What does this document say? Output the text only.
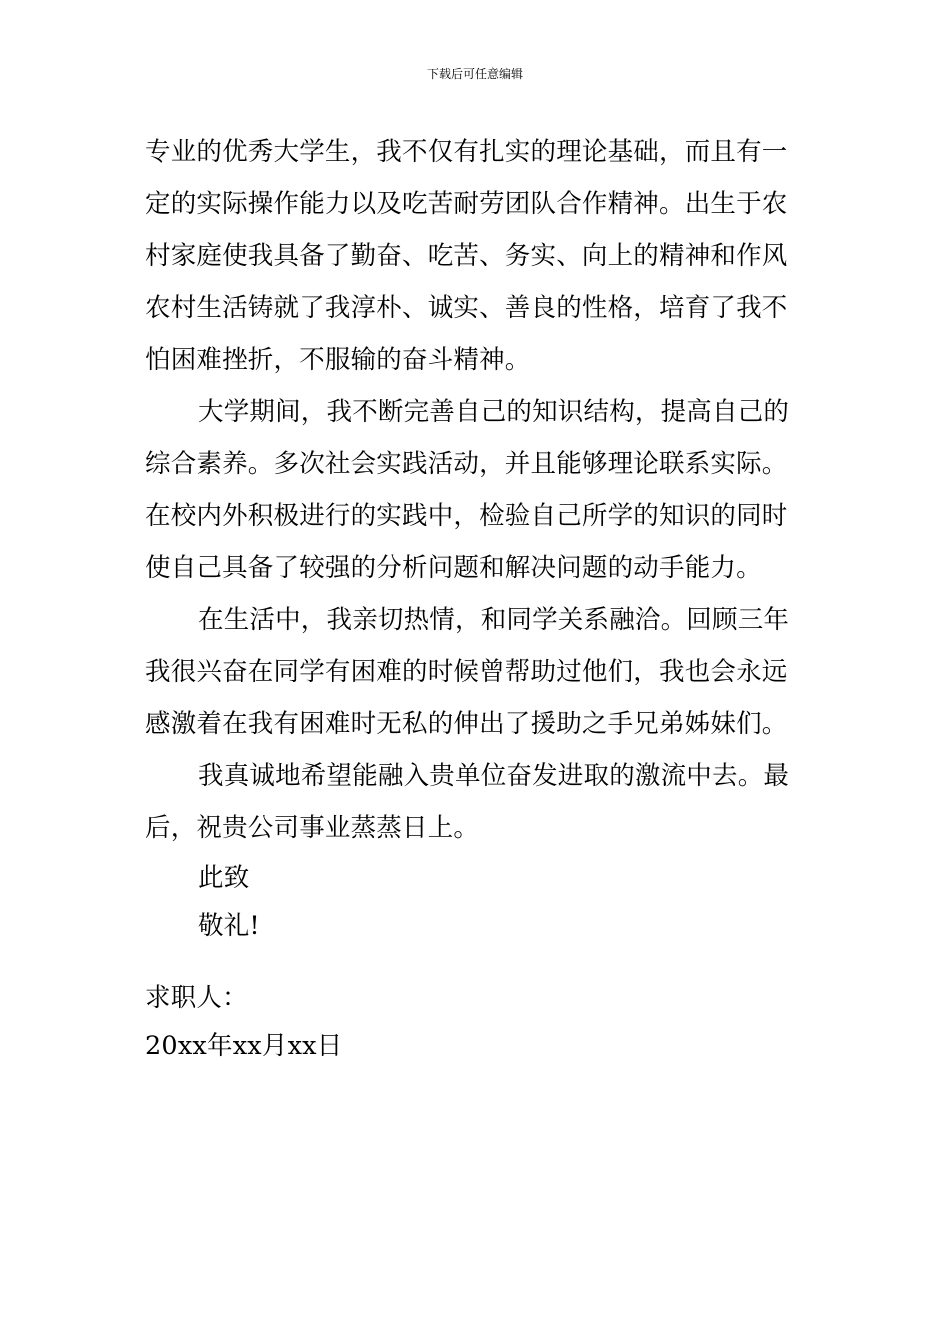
下载后可任意编辑
专业的优秀大学生，我不仅有扎实的理论基础，而且有一
定的实际操作能力以及吃苦耐劳团队合作精神。出生于农
村家庭使我具备了勤奋、吃苦、务实、向上的精神和作风
农村生活铸就了我淳朴、诚实、善良的性格，培育了我不
怕困难挫折，不服输的奋斗精神。
大学期间，我不断完善自己的知识结构，提高自己的
综合素养。多次社会实践活动，并且能够理论联系实际。
在校内外积极进行的实践中，检验自己所学的知识的同时
使自己具备了较强的分析问题和解决问题的动手能力。
在生活中，我亲切热情，和同学关系融洽。回顾三年
我很兴奋在同学有困难的时候曾帮助过他们，我也会永远
感激着在我有困难时无私的伸出了援助之手兄弟姊妹们。
我真诚地希望能融入贵单位奋发进取的激流中去。最
后，祝贵公司事业蒸蒸日上。
此致
敬礼!
求职人：
20xx年xx月xx日
